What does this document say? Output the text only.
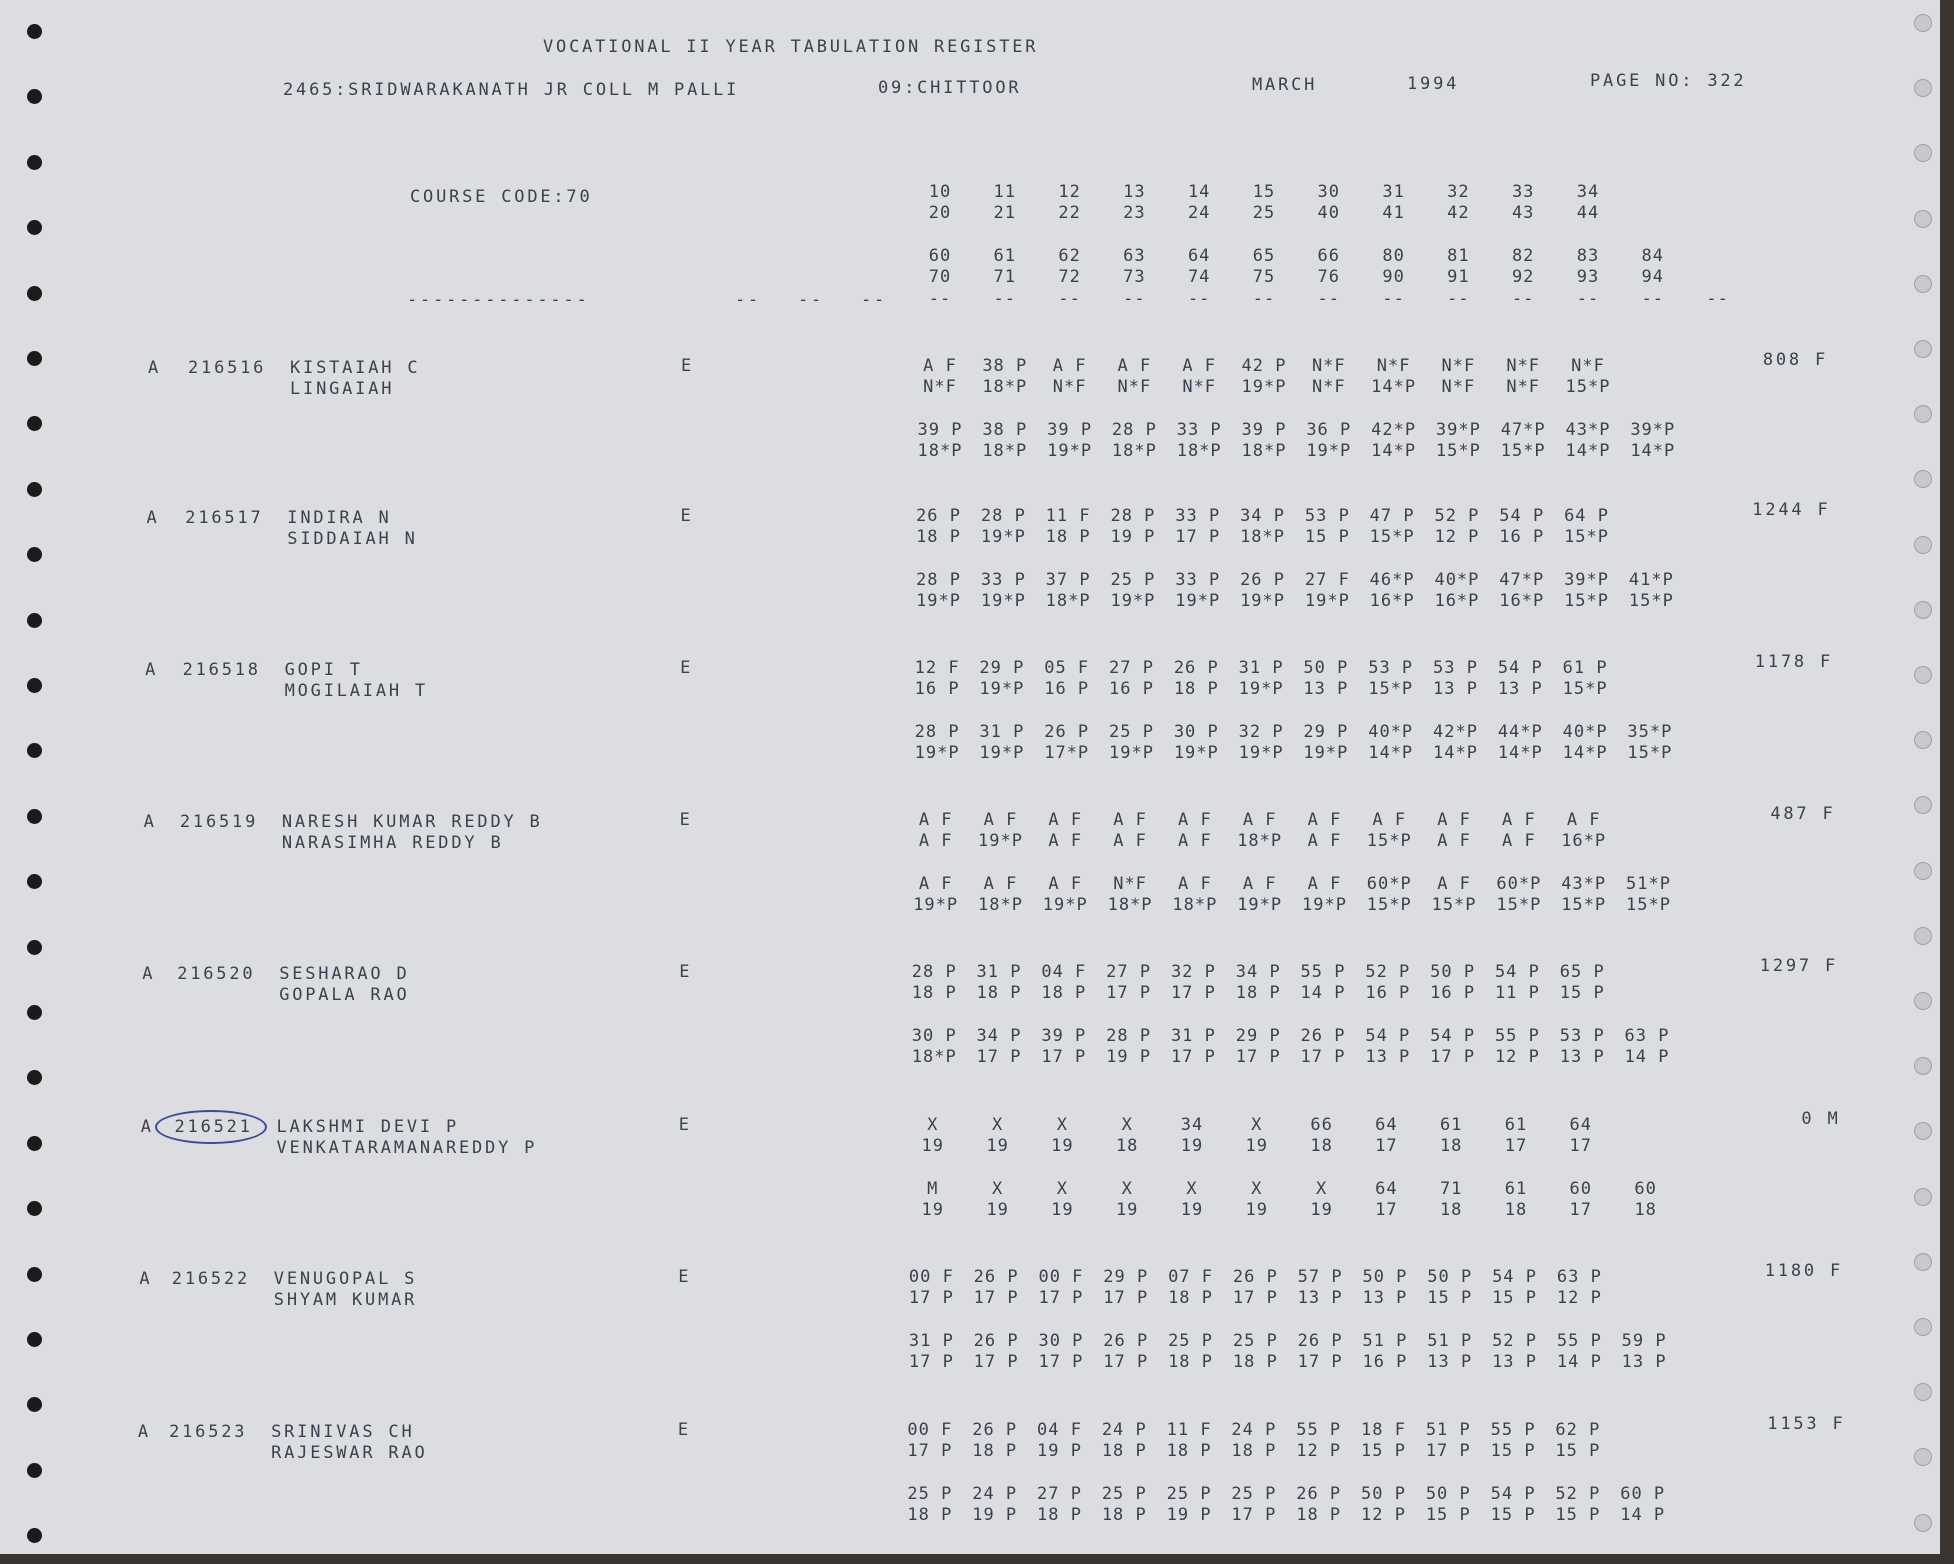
VOCATIONAL II YEAR TABULATION REGISTER
2465:SRIDWARAKANATH JR COLL M PALLI	09:CHITTOOR	MARCH	1994	PAGE NO: 322
COURSE CODE:70
--------------	-- -- --
10	11	12	13	14	15	30	31	32	33	34
20	21	22	23	24	25	40	41	42	43	44
60	61	62	63	64	65	66	80	81	82	83	84
70	71	72	73	74	75	76	90	91	92	93	94
--	--	--	--	--	--	--	--	--	--	--	--	--
A 216516 KISTAIAH C
LINGAIAH
E	808 F
A F	38 P	A F	A F	A F	42 P	N*F	N*F	N*F	N*F	N*F
N*F	18*P	N*F	N*F	N*F	19*P	N*F	14*P	N*F	N*F	15*P
39 P	38 P	39 P	28 P	33 P	39 P	36 P	42*P	39*P	47*P	43*P	39*P
18*P	18*P	19*P	18*P	18*P	18*P	19*P	14*P	15*P	15*P	14*P	14*P
A 216517 INDIRA N
SIDDAIAH N
E	1244 F
26 P	28 P	11 F	28 P	33 P	34 P	53 P	47 P	52 P	54 P	64 P
18 P	19*P	18 P	19 P	17 P	18*P	15 P	15*P	12 P	16 P	15*P
28 P	33 P	37 P	25 P	33 P	26 P	27 F	46*P	40*P	47*P	39*P	41*P
19*P	19*P	18*P	19*P	19*P	19*P	19*P	16*P	16*P	16*P	15*P	15*P
A 216518 GOPI T
MOGILAIAH T
E	1178 F
12 F	29 P	05 F	27 P	26 P	31 P	50 P	53 P	53 P	54 P	61 P
16 P	19*P	16 P	16 P	18 P	19*P	13 P	15*P	13 P	13 P	15*P
28 P	31 P	26 P	25 P	30 P	32 P	29 P	40*P	42*P	44*P	40*P	35*P
19*P	19*P	17*P	19*P	19*P	19*P	19*P	14*P	14*P	14*P	14*P	15*P
A 216519 NARESH KUMAR REDDY B
NARASIMHA REDDY B
E	487 F
A F	A F	A F	A F	A F	A F	A F	A F	A F	A F	A F
A F	19*P	A F	A F	A F	18*P	A F	15*P	A F	A F	16*P
A F	A F	A F	N*F	A F	A F	A F	60*P	A F	60*P	43*P	51*P
19*P	18*P	19*P	18*P	18*P	19*P	19*P	15*P	15*P	15*P	15*P	15*P
A 216520 SESHARAO D
GOPALA RAO
E	1297 F
28 P	31 P	04 F	27 P	32 P	34 P	55 P	52 P	50 P	54 P	65 P
18 P	18 P	18 P	17 P	17 P	18 P	14 P	16 P	16 P	11 P	15 P
30 P	34 P	39 P	28 P	31 P	29 P	26 P	54 P	54 P	55 P	53 P	63 P
18*P	17 P	17 P	19 P	17 P	17 P	17 P	13 P	17 P	12 P	13 P	14 P
A 216521 LAKSHMI DEVI P
VENKATARAMANAREDDY P
E	0 M
X	X	X	X	34	X	66	64	61	61	64
19	19	19	18	19	19	18	17	18	17	17
M	X	X	X	X	X	X	64	71	61	60	60
19	19	19	19	19	19	19	17	18	18	17	18
A 216522 VENUGOPAL S
SHYAM KUMAR
E	1180 F
00 F	26 P	00 F	29 P	07 F	26 P	57 P	50 P	50 P	54 P	63 P
17 P	17 P	17 P	17 P	18 P	17 P	13 P	13 P	15 P	15 P	12 P
31 P	26 P	30 P	26 P	25 P	25 P	26 P	51 P	51 P	52 P	55 P	59 P
17 P	17 P	17 P	17 P	18 P	18 P	17 P	16 P	13 P	13 P	14 P	13 P
A 216523 SRINIVAS CH
RAJESWAR RAO
E	1153 F
00 F	26 P	04 F	24 P	11 F	24 P	55 P	18 F	51 P	55 P	62 P
17 P	18 P	19 P	18 P	18 P	18 P	12 P	15 P	17 P	15 P	15 P
25 P	24 P	27 P	25 P	25 P	25 P	26 P	50 P	50 P	54 P	52 P	60 P
18 P	19 P	18 P	18 P	19 P	17 P	18 P	12 P	15 P	15 P	15 P	14 P
